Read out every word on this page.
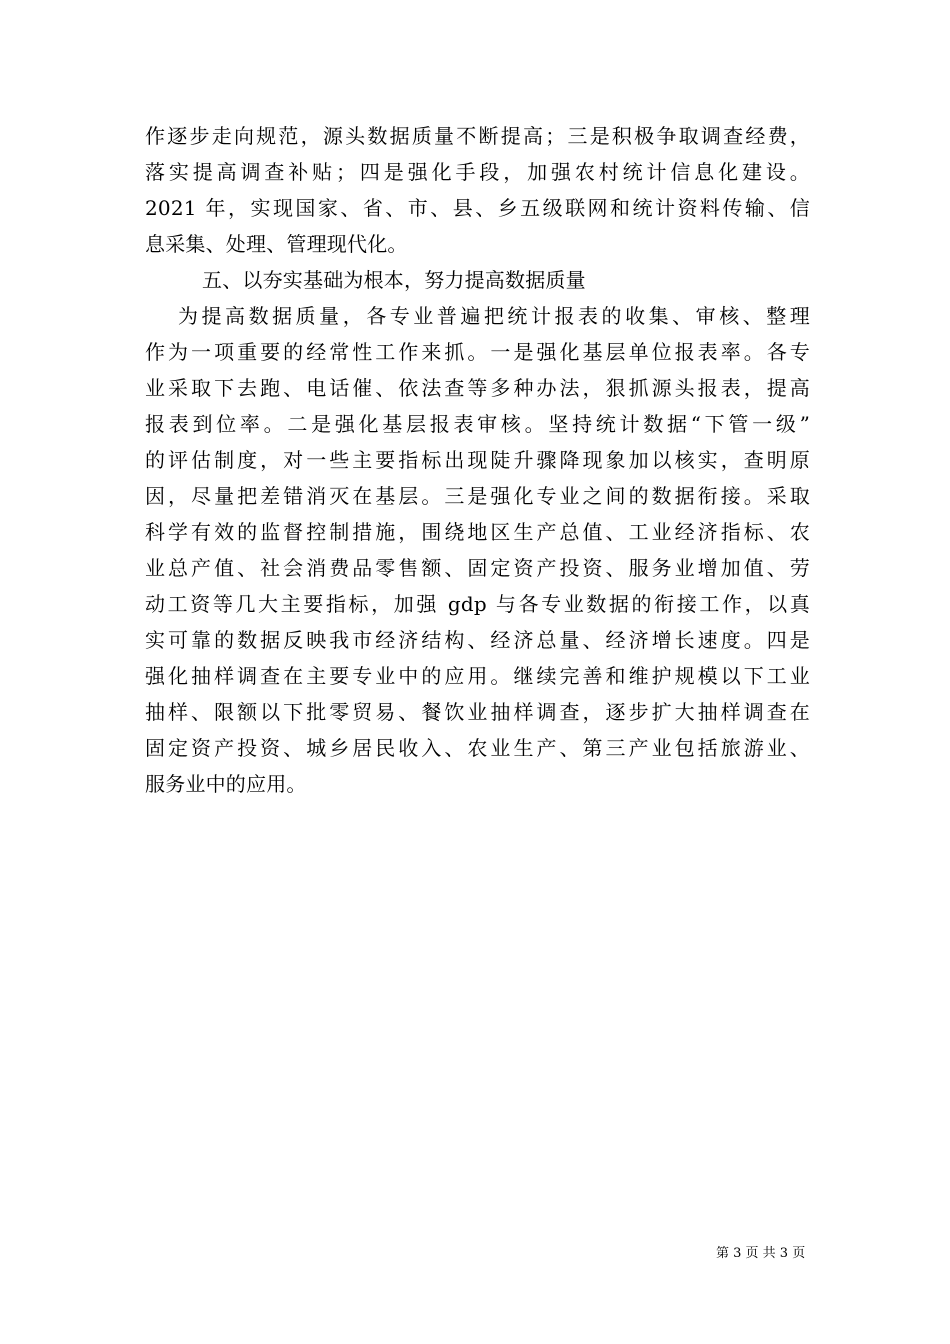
作逐步走向规范，源头数据质量不断提高；三是积极争取调查经费，
落实提高调查补贴；四是强化手段，加强农村统计信息化建设。
2021 年，实现国家、省、市、县、乡五级联网和统计资料传输、信
息采集、处理、管理现代化。
五、以夯实基础为根本，努力提高数据质量
为提高数据质量，各专业普遍把统计报表的收集、审核、整理
作为一项重要的经常性工作来抓。一是强化基层单位报表率。各专
业采取下去跑、电话催、依法查等多种办法，狠抓源头报表，提高
报表到位率。二是强化基层报表审核。坚持统计数据“下管一级”
的评估制度，对一些主要指标出现陡升骤降现象加以核实，查明原
因，尽量把差错消灭在基层。三是强化专业之间的数据衔接。采取
科学有效的监督控制措施，围绕地区生产总值、工业经济指标、农
业总产值、社会消费品零售额、固定资产投资、服务业增加值、劳
动工资等几大主要指标，加强 gdp 与各专业数据的衔接工作，以真
实可靠的数据反映我市经济结构、经济总量、经济增长速度。四是
强化抽样调查在主要专业中的应用。继续完善和维护规模以下工业
抽样、限额以下批零贸易、餐饮业抽样调查，逐步扩大抽样调查在
固定资产投资、城乡居民收入、农业生产、第三产业包括旅游业、
服务业中的应用。
第 3 页 共 3 页
